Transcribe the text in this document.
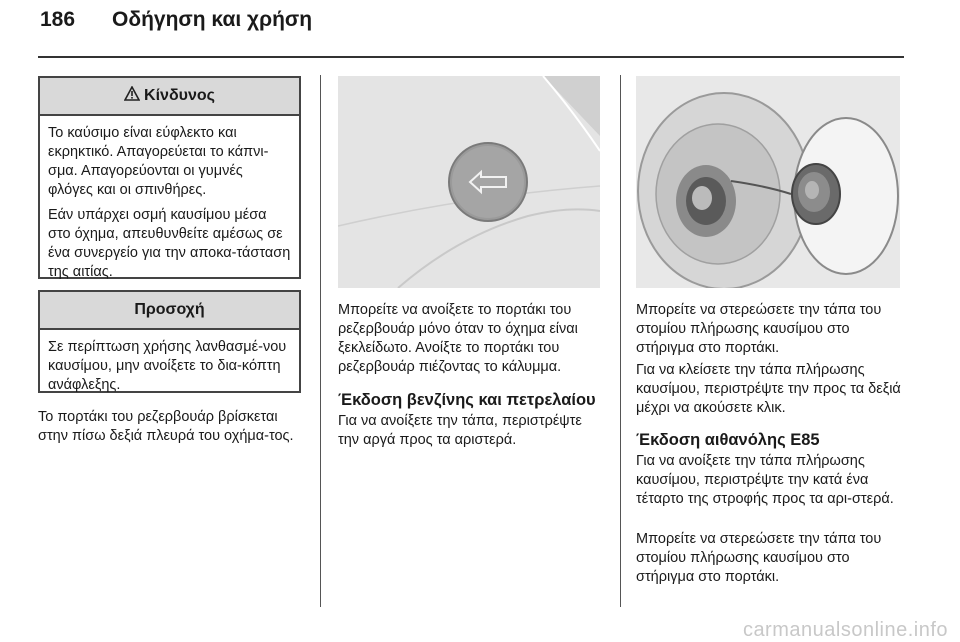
186 Οδήγηση και χρήση
Κίνδυνος

Το καύσιμο είναι εύφλεκτο και εκρηκτικό. Απαγορεύεται το κάπνι-σμα. Απαγορεύονται οι γυμνές φλόγες και οι σπινθήρες.

Εάν υπάρχει οσμή καυσίμου μέσα στο όχημα, απευθυνθείτε αμέσως σε ένα συνεργείο για την αποκα-τάσταση της αιτίας.

Προσοχή

Σε περίπτωση χρήσης λανθασμέ-νου καυσίμου, μην ανοίξετε το δια-κόπτη ανάφλεξης.

Το πορτάκι του ρεζερβουάρ βρίσκεται στην πίσω δεξιά πλευρά του οχήμα-τος.

Μπορείτε να ανοίξετε το πορτάκι του ρεζερβουάρ μόνο όταν το όχημα είναι ξεκλείδωτο. Ανοίξτε το πορτάκι του ρεζερβουάρ πιέζοντας το κάλυμμα.

Έκδοση βενζίνης και πετρελαίου

Για να ανοίξετε την τάπα, περιστρέψτε την αργά προς τα αριστερά.

Μπορείτε να στερεώσετε την τάπα του στομίου πλήρωσης καυσίμου στο στήριγμα στο πορτάκι.

Για να κλείσετε την τάπα πλήρωσης καυσίμου, περιστρέψτε την προς τα δεξιά μέχρι να ακούσετε κλικ.

Έκδοση αιθανόλης E85

Για να ανοίξετε την τάπα πλήρωσης καυσίμου, περιστρέψτε την κατά ένα τέταρτο της στροφής προς τα αρι-στερά.

Μπορείτε να στερεώσετε την τάπα του στομίου πλήρωσης καυσίμου στο στήριγμα στο πορτάκι.

carmanualsonline.info
